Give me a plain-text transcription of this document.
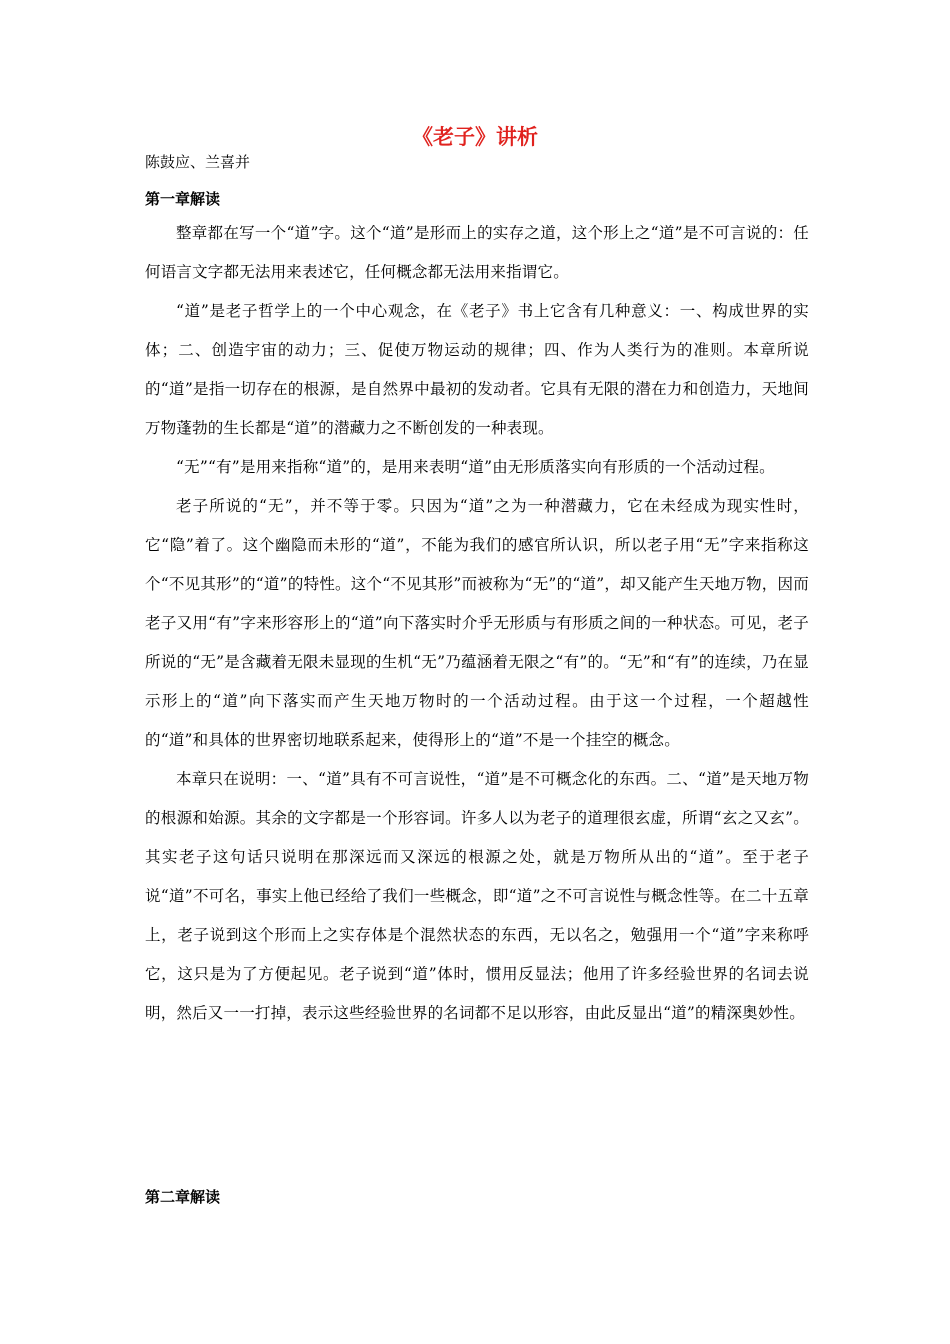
《老子》讲析

陈鼓应、兰喜并

第一章解读

整章都在写一个“道”字。这个“道”是形而上的实存之道，这个形上之“道”是不可言说的：任何语言文字都无法用来表述它，任何概念都无法用来指谓它。

“道”是老子哲学上的一个中心观念，在《老子》书上它含有几种意义：一、构成世界的实体；二、创造宇宙的动力；三、促使万物运动的规律；四、作为人类行为的准则。本章所说的“道”是指一切存在的根源，是自然界中最初的发动者。它具有无限的潜在力和创造力，天地间万物蓬勃的生长都是“道”的潜藏力之不断创发的一种表现。

“无”“有”是用来指称“道”的，是用来表明“道”由无形质落实向有形质的一个活动过程。

老子所说的“无”，并不等于零。只因为“道”之为一种潜藏力，它在未经成为现实性时，它“隐”着了。这个幽隐而未形的“道”，不能为我们的感官所认识，所以老子用“无”字来指称这个“不见其形”的“道”的特性。这个“不见其形”而被称为“无”的“道”，却又能产生天地万物，因而老子又用“有”字来形容形上的“道”向下落实时介乎无形质与有形质之间的一种状态。可见，老子所说的“无”是含藏着无限未显现的生机“无”乃蕴涵着无限之“有”的。“无”和“有”的连续，乃在显示形上的“道”向下落实而产生天地万物时的一个活动过程。由于这一个过程，一个超越性的“道”和具体的世界密切地联系起来，使得形上的“道”不是一个挂空的概念。

本章只在说明：一、“道”具有不可言说性，“道”是不可概念化的东西。二、“道”是天地万物的根源和始源。其余的文字都是一个形容词。许多人以为老子的道理很玄虚，所谓“玄之又玄”。其实老子这句话只说明在那深远而又深远的根源之处，就是万物所从出的“道”。至于老子说“道”不可名，事实上他已经给了我们一些概念，即“道”之不可言说性与概念性等。在二十五章上，老子说到这个形而上之实存体是个混然状态的东西，无以名之，勉强用一个“道”字来称呼它，这只是为了方便起见。老子说到“道”体时，惯用反显法；他用了许多经验世界的名词去说明，然后又一一打掉，表示这些经验世界的名词都不足以形容，由此反显出“道”的精深奥妙性。

第二章解读
